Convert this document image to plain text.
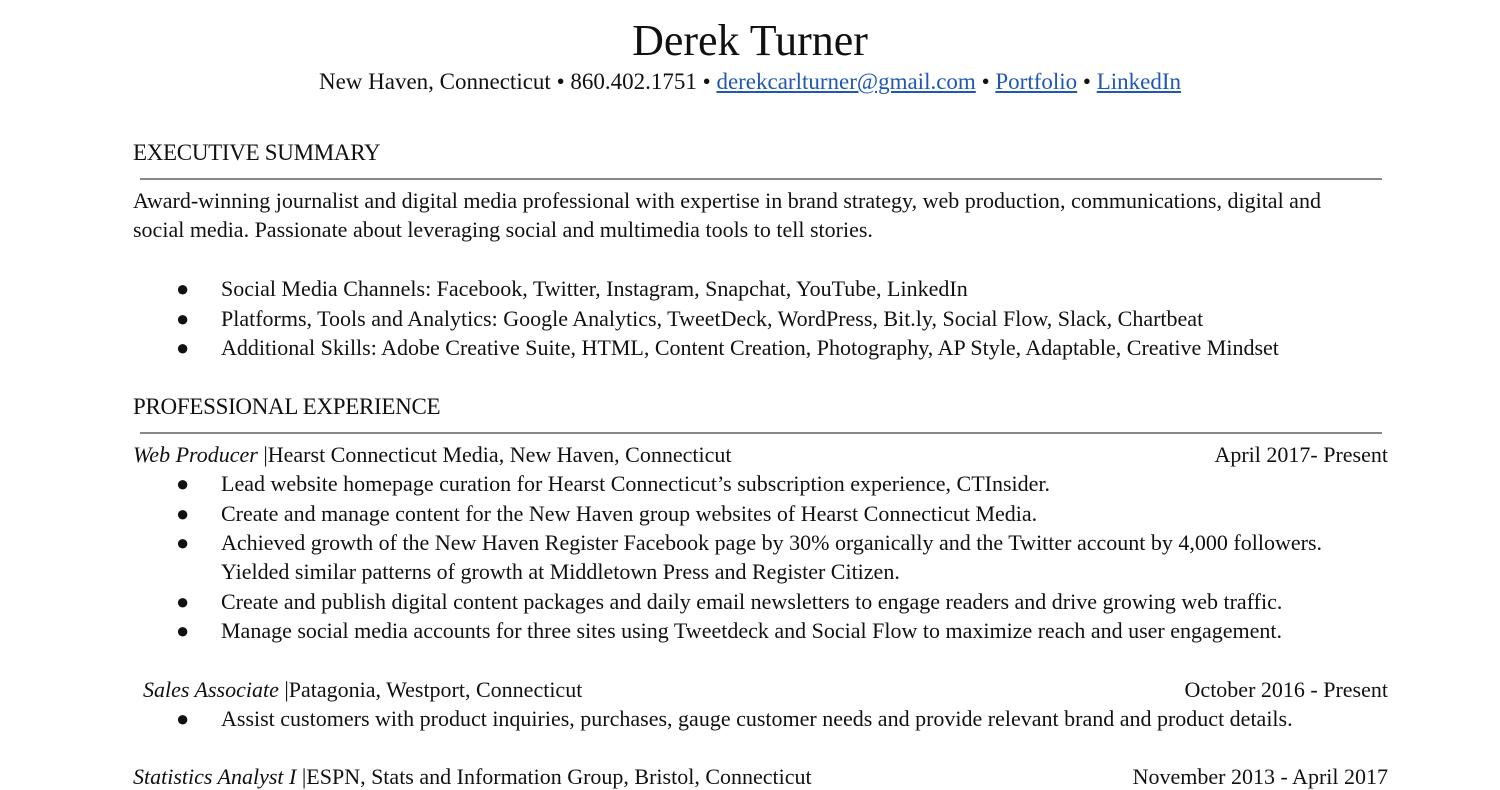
Derek Turner
New Haven, Connecticut • 860.402.1751 • derekcarlturner@gmail.com • Portfolio • LinkedIn
EXECUTIVE SUMMARY
Award-winning journalist and digital media professional with expertise in brand strategy, web production, communications, digital and
social media. Passionate about leveraging social and multimedia tools to tell stories.
● Social Media Channels: Facebook, Twitter, Instagram, Snapchat, YouTube, LinkedIn
● Platforms, Tools and Analytics: Google Analytics, TweetDeck, WordPress, Bit.ly, Social Flow, Slack, Chartbeat
● Additional Skills: Adobe Creative Suite, HTML, Content Creation, Photography, AP Style, Adaptable, Creative Mindset
PROFESSIONAL EXPERIENCE
Web Producer |Hearst Connecticut Media, New Haven, Connecticut	April 2017- Present
● Lead website homepage curation for Hearst Connecticut’s subscription experience, CTInsider.
● Create and manage content for the New Haven group websites of Hearst Connecticut Media.
● Achieved growth of the New Haven Register Facebook page by 30% organically and the Twitter account by 4,000 followers.
Yielded similar patterns of growth at Middletown Press and Register Citizen.
● Create and publish digital content packages and daily email newsletters to engage readers and drive growing web traffic.
● Manage social media accounts for three sites using Tweetdeck and Social Flow to maximize reach and user engagement.
Sales Associate |Patagonia, Westport, Connecticut	October 2016 - Present
● Assist customers with product inquiries, purchases, gauge customer needs and provide relevant brand and product details.
Statistics Analyst I |ESPN, Stats and Information Group, Bristol, Connecticut	November 2013 - April 2017
